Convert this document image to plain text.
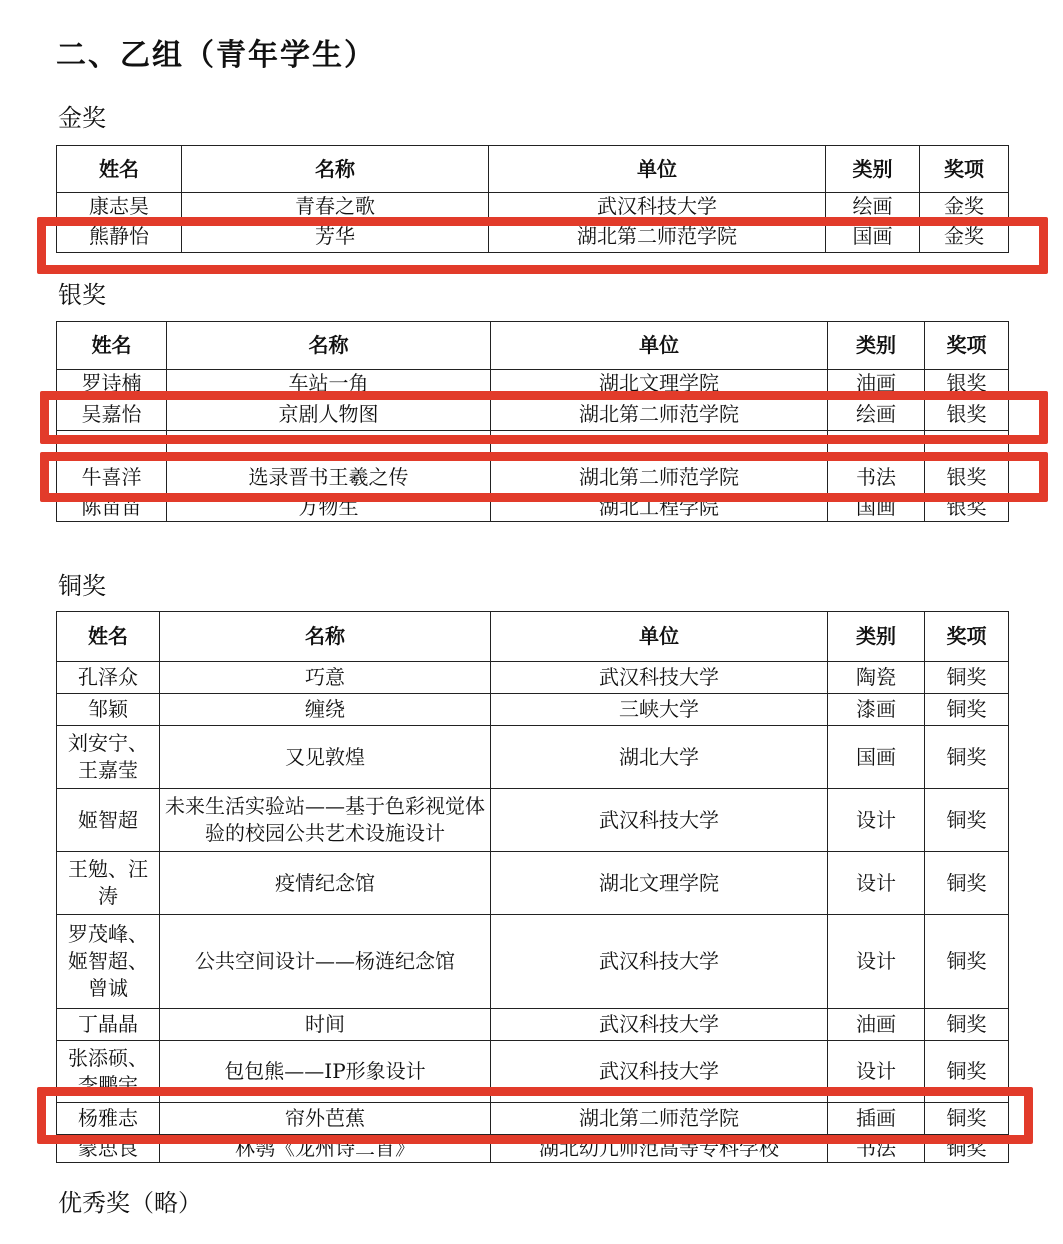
二、乙组（青年学生）
金奖
姓名	名称	单位	类别	奖项
康志昊	青春之歌	武汉科技大学	绘画	金奖
熊静怡	芳华	湖北第二师范学院	国画	金奖
银奖
姓名	名称	单位	类别	奖项
罗诗楠	车站一角	湖北文理学院	油画	银奖
吴嘉怡	京剧人物图	湖北第二师范学院	绘画	银奖

牛喜洋	选录晋书王羲之传	湖北第二师范学院	书法	银奖
陈苗苗	万物生	湖北工程学院	国画	银奖
铜奖
姓名	名称	单位	类别	奖项
孔泽众	巧意	武汉科技大学	陶瓷	铜奖
邹颖	缠绕	三峡大学	漆画	铜奖
刘安宁、王嘉莹	又见敦煌	湖北大学	国画	铜奖
姬智超	未来生活实验站——基于色彩视觉体验的校园公共艺术设施设计	武汉科技大学	设计	铜奖
王勉、汪涛	疫情纪念馆	湖北文理学院	设计	铜奖
罗茂峰、姬智超、曾诚	公共空间设计——杨涟纪念馆	武汉科技大学	设计	铜奖
丁晶晶	时间	武汉科技大学	油画	铜奖
张添硕、李鹏宇	包包熊——IP形象设计	武汉科技大学	设计	铜奖
杨雅志	帘外芭蕉	湖北第二师范学院	插画	铜奖
蒙思良	林鹗《龙州诗二首》	湖北幼儿师范高等专科学校	书法	铜奖
优秀奖（略）
